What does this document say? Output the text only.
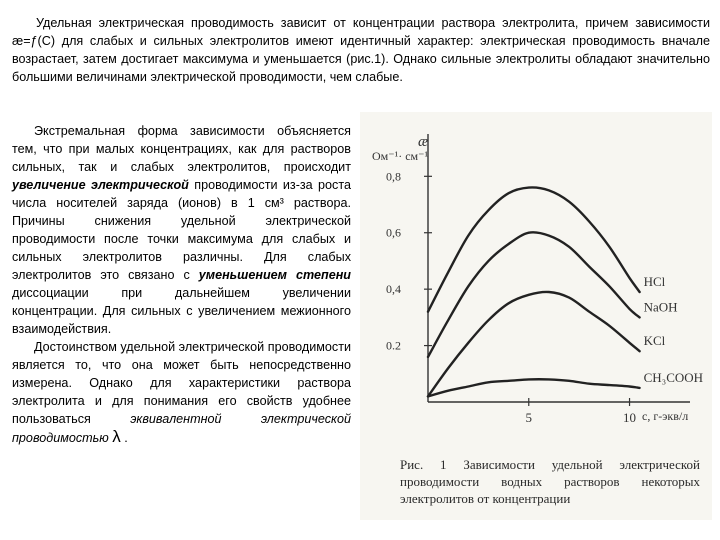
Удельная электрическая проводимость зависит от концентрации раствора электролита, причем зависимости æ=ƒ(С) для слабых и сильных электролитов имеют идентичный характер: электрическая проводимость вначале возрастает, затем достигает максимума и уменьшается (рис.1). Однако сильные электролиты обладают значительно большими величинами электрической проводимости, чем слабые.

Экстремальная форма зависимости объясняется тем, что при малых концентрациях, как для растворов сильных, так и слабых электролитов, происходит увеличение электрической проводимости из-за роста числа носителей заряда (ионов) в 1 см³ раствора. Причины снижения удельной электрической проводимости после точки максимума для слабых и сильных электролитов различны. Для слабых электролитов это связано с уменьшением степени диссоциации при дальнейшем увеличении концентрации. Для сильных с увеличением межионного взаимодействия.

Достоинством удельной электрической проводимости является то, что она может быть непосредственно измерена. Однако для характеристики раствора электролита и для понимания его свойств удобнее пользоваться эквивалентной электрической проводимостью λ .

æ
Ом⁻¹· см⁻¹
c, г-экв/л
0.2
0,4
0,6
0,8
5	10
HCl
NaOH
KCl
CH₃COOH
Рис. 1 Зависимости удельной электрической проводимости водных растворов некоторых электролитов от концентрации
